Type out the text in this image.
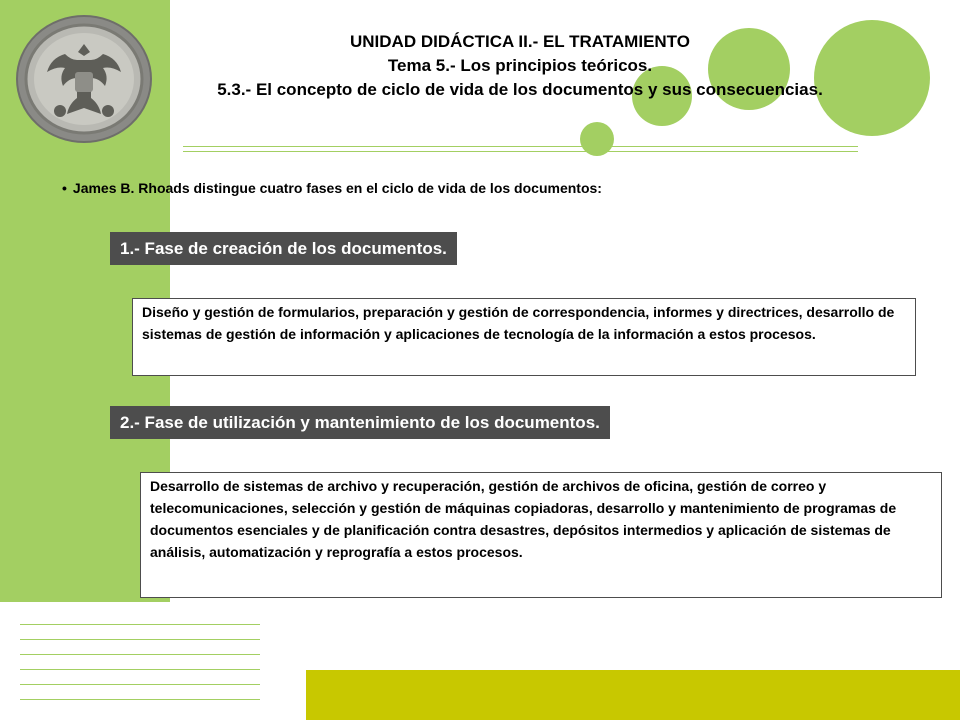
UNIDAD DIDÁCTICA II.- EL TRATAMIENTO
Tema 5.- Los principios teóricos.
5.3.- El concepto de ciclo de vida de los documentos y sus consecuencias.
• James B. Rhoads distingue cuatro fases en el ciclo de vida de los documentos:
1.- Fase de creación de los documentos.
Diseño y gestión de formularios, preparación y gestión de correspondencia, informes y directrices, desarrollo de sistemas de gestión de información y aplicaciones de tecnología de la información a estos procesos.
2.- Fase de utilización y mantenimiento de los documentos.
Desarrollo de sistemas de archivo y recuperación, gestión de archivos de oficina, gestión de correo y telecomunicaciones, selección y gestión de máquinas copiadoras, desarrollo y mantenimiento de programas de documentos esenciales y de planificación contra desastres, depósitos intermedios y aplicación de sistemas de análisis, automatización y reprografía a estos procesos.
